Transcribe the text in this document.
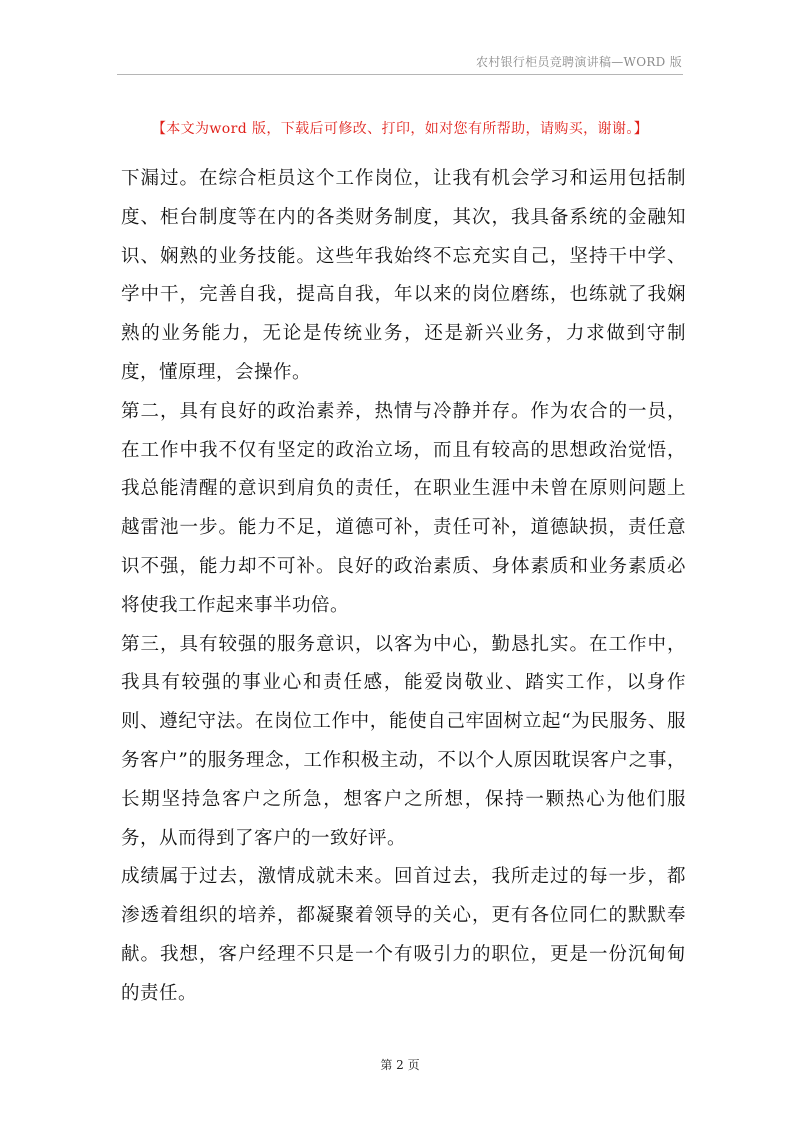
农村银行柜员竞聘演讲稿—WORD 版
【本文为word 版，下载后可修改、打印，如对您有所帮助，请购买，谢谢。】

下漏过。在综合柜员这个工作岗位，让我有机会学习和运用包括制度、柜台制度等在内的各类财务制度，其次，我具备系统的金融知识、娴熟的业务技能。这些年我始终不忘充实自己，坚持干中学、学中干，完善自我，提高自我，年以来的岗位磨练，也练就了我娴熟的业务能力，无论是传统业务，还是新兴业务，力求做到守制度，懂原理，会操作。

第二，具有良好的政治素养，热情与冷静并存。作为农合的一员，在工作中我不仅有坚定的政治立场，而且有较高的思想政治觉悟，我总能清醒的意识到肩负的责任，在职业生涯中未曾在原则问题上越雷池一步。能力不足，道德可补，责任可补，道德缺损，责任意识不强，能力却不可补。良好的政治素质、身体素质和业务素质必将使我工作起来事半功倍。

第三，具有较强的服务意识，以客为中心，勤恳扎实。在工作中，我具有较强的事业心和责任感，能爱岗敬业、踏实工作，以身作则、遵纪守法。在岗位工作中，能使自己牢固树立起“为民服务、服务客户”的服务理念，工作积极主动，不以个人原因耽误客户之事，长期坚持急客户之所急，想客户之所想，保持一颗热心为他们服务，从而得到了客户的一致好评。

成绩属于过去，激情成就未来。回首过去，我所走过的每一步，都渗透着组织的培养，都凝聚着领导的关心，更有各位同仁的默默奉献。我想，客户经理不只是一个有吸引力的职位，更是一份沉甸甸的责任。

第 2 页
